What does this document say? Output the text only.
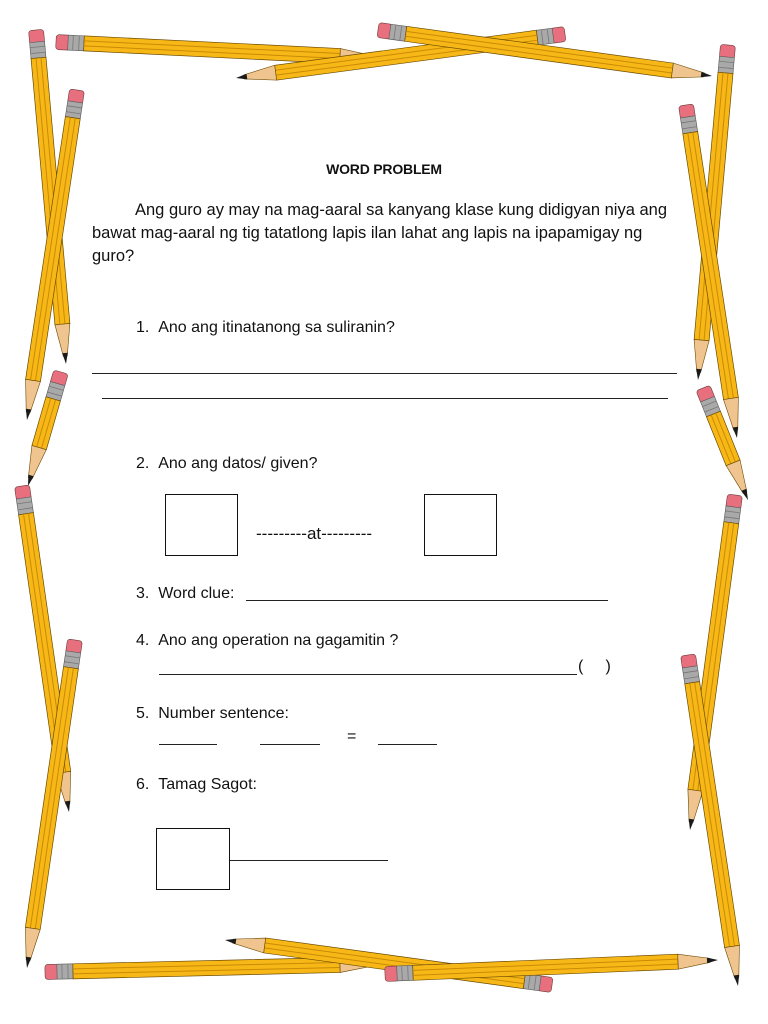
WORD PROBLEM
Ang guro ay may na mag-aaral sa kanyang klase kung didigyan niya ang bawat mag-aaral ng tig tatatlong lapis ilan lahat ang lapis na ipapamigay ng guro?
1. Ano ang itinatanong sa suliranin?
2. Ano ang datos/ given?
---------at---------
3. Word clue:
4. Ano ang operation na gagamitin ?
(     )
5. Number sentence:
=
6. Tamag Sagot:
